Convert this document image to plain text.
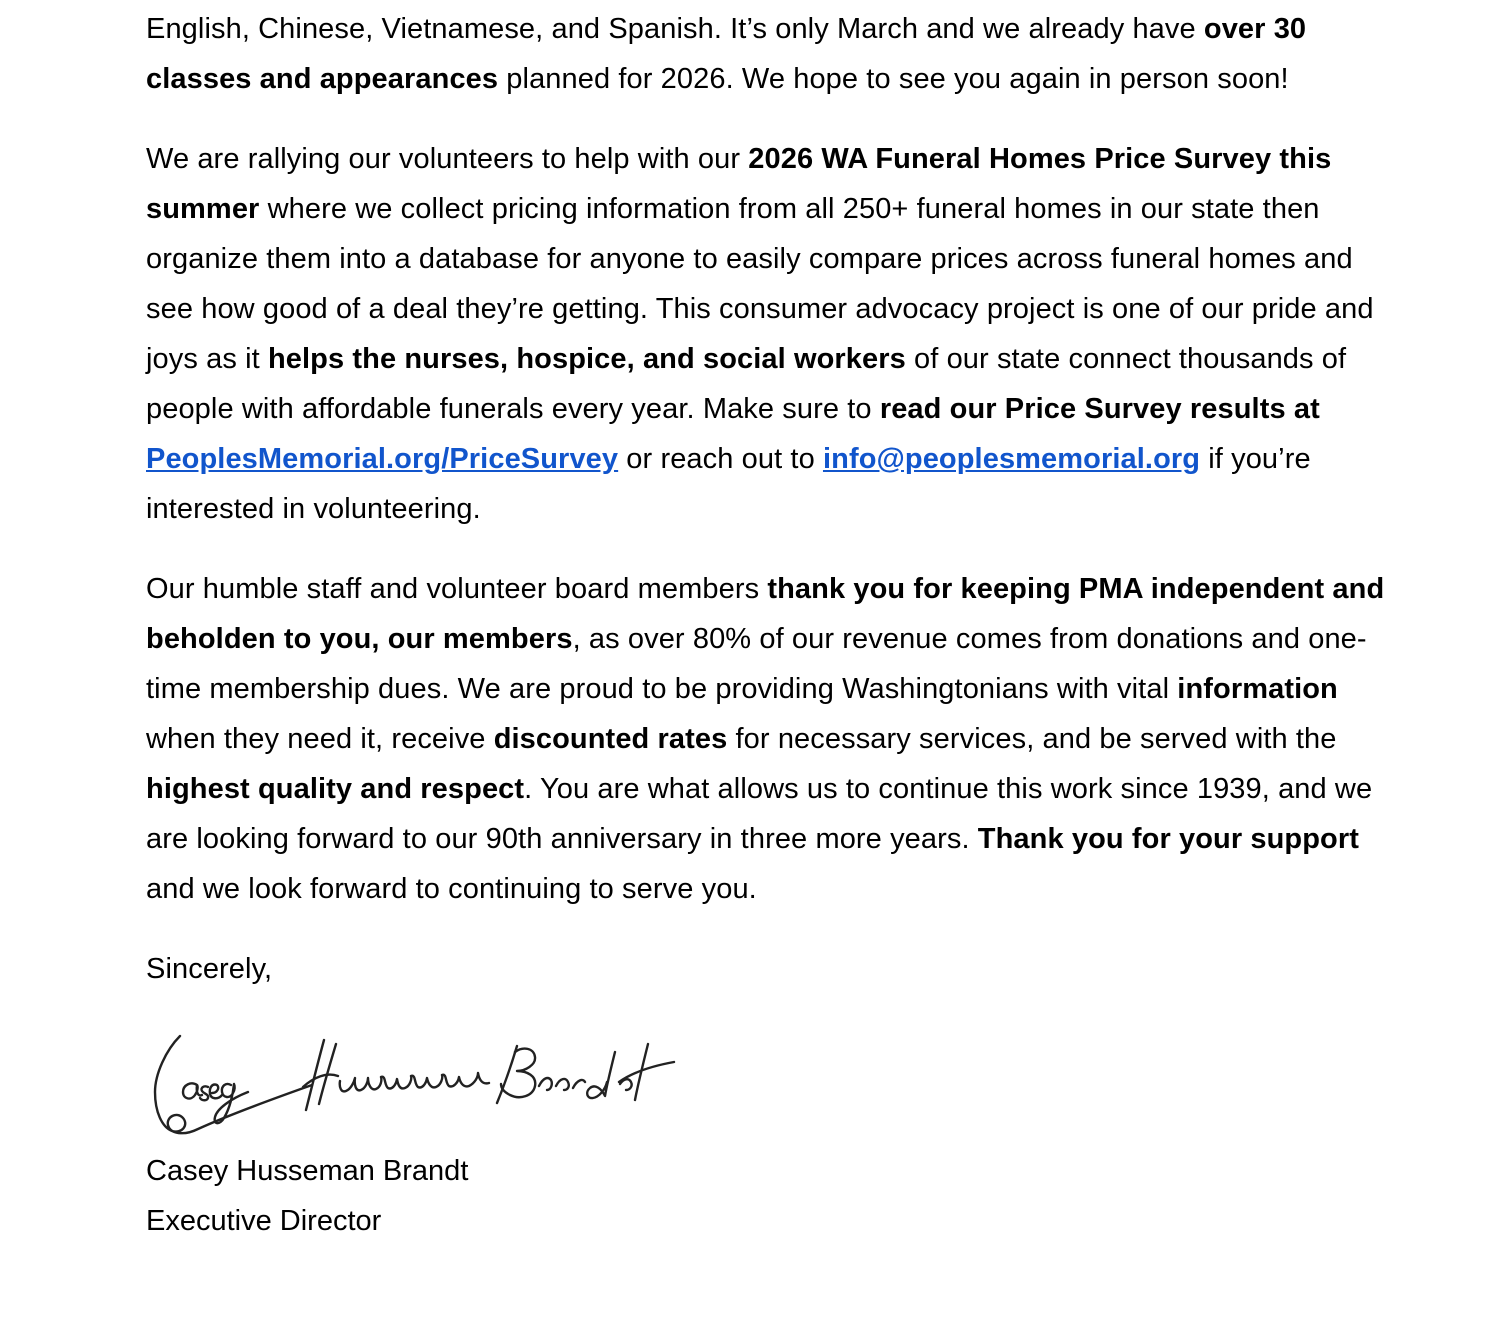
English, Chinese, Vietnamese, and Spanish. It’s only March and we already have over 30 classes and appearances planned for 2026. We hope to see you again in person soon!

We are rallying our volunteers to help with our 2026 WA Funeral Homes Price Survey this summer where we collect pricing information from all 250+ funeral homes in our state then organize them into a database for anyone to easily compare prices across funeral homes and see how good of a deal they’re getting. This consumer advocacy project is one of our pride and joys as it helps the nurses, hospice, and social workers of our state connect thousands of people with affordable funerals every year. Make sure to read our Price Survey results at PeoplesMemorial.org/PriceSurvey or reach out to info@peoplesmemorial.org if you’re interested in volunteering.

Our humble staff and volunteer board members thank you for keeping PMA independent and beholden to you, our members, as over 80% of our revenue comes from donations and one-time membership dues. We are proud to be providing Washingtonians with vital information when they need it, receive discounted rates for necessary services, and be served with the highest quality and respect. You are what allows us to continue this work since 1939, and we are looking forward to our 90th anniversary in three more years. Thank you for your support and we look forward to continuing to serve you.

Sincerely,

Casey Husseman Brandt

Executive Director
